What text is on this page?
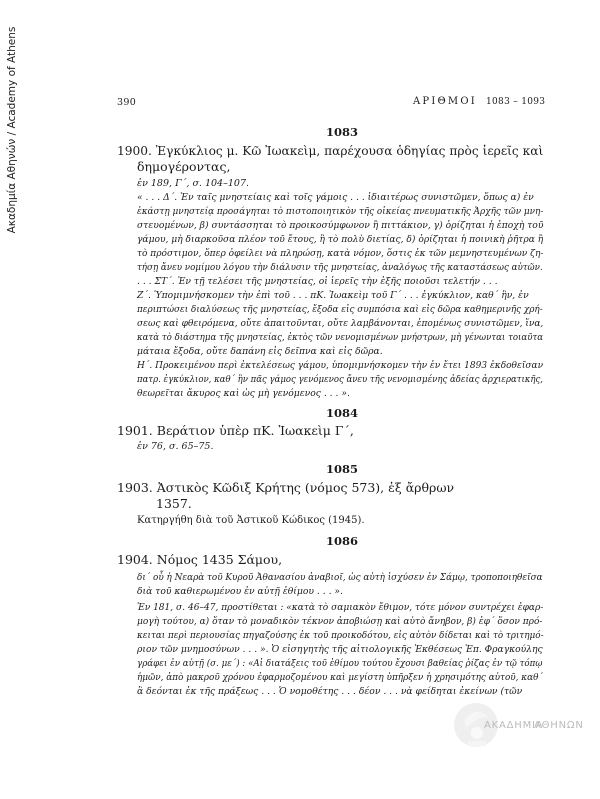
Ακαδημία Αθηνών / Academy of Athens	390	ΑΡΙΘΜΟΙ 1083 – 1093
1083
1900. Ἐγκύκλιος μ. Κῶ Ἰωακεὶμ, παρέχουσα ὁδηγίας πρὸς ἱερεῖς καὶ
δημογέροντας,
ἐν 189, Γ΄, σ. 104–107.
« . . . Δ΄. Ἐν ταῖς μνηστείαις καὶ τοῖς γάμοις . . . ἰδιαιτέρως συνιστῶμεν, ὅπως α) ἐν
ἑκάστῃ μνηστείᾳ προσάγηται τὸ πιστοποιητικὸν τῆς οἰκείας πνευματικῆς Ἀρχῆς τῶν μνη-
στευομένων, β) συντάσσηται τὸ προικοσύμφωνον ἢ πιττάκιον, γ) ὁρίζηται ἡ ἐποχὴ τοῦ
γάμου, μὴ διαρκοῦσα πλέον τοῦ ἔτους, ἢ τὸ πολὺ διετίας, δ) ὁρίζηται ἡ ποινικὴ ῥῆτρα ἢ
τὸ πρόστιμον, ὅπερ ὀφείλει νὰ πληρώσῃ, κατὰ νόμον, ὅστις ἐκ τῶν μεμνηστευμένων ζη-
τήσῃ ἄνευ νομίμου λόγου τὴν διάλυσιν τῆς μνηστείας, ἀναλόγως τῆς καταστάσεως αὐτῶν.
. . . ΣΤ΄. Ἐν τῇ τελέσει τῆς μνηστείας, οἱ ἱερεῖς τὴν ἑξῆς ποιοῦσι τελετήν . . .
Ζ΄. Ὑπομιμνήσκομεν τὴν ἐπὶ τοῦ . . . πΚ. Ἰωακεὶμ τοῦ Γ΄ . . . ἐγκύκλιον, καθ΄ ἣν, ἐν
περιπτώσει διαλύσεως τῆς μνηστείας, ἔξοδα εἰς συμπόσια καὶ εἰς δῶρα καθημερινῆς χρή-
σεως καὶ φθειρόμενα, οὔτε ἀπαιτοῦνται, οὔτε λαμβάνονται, ἐπομένως συνιστῶμεν, ἵνα,
κατὰ τὸ διάστημα τῆς μνηστείας, ἐκτὸς τῶν νενομισμένων μνήστρων, μὴ γένωνται τοιαῦτα
μάταια ἔξοδα, οὔτε δαπάνη εἰς δεῖπνα καὶ εἰς δῶρα.
Η΄. Προκειμένου περὶ ἐκτελέσεως γάμου, ὑπομιμνήσκομεν τὴν ἐν ἔτει 1893 ἐκδοθεῖσαν
πατρ. ἐγκύκλιον, καθ΄ ἣν πᾶς γάμος γενόμενος ἄνευ τῆς νενομισμένης ἀδείας ἀρχιερατικῆς,
θεωρεῖται ἄκυρος καὶ ὡς μὴ γενόμενος . . . ».
1084
1901. Βεράτιον ὑπὲρ πΚ. Ἰωακεὶμ Γ΄,
ἐν 76, σ. 65–75.
1085
1903. Ἀστικὸς Κῶδιξ Κρήτης (νόμος 573), ἐξ ἄρθρων
1357.
Κατηργήθη διὰ τοῦ Ἀστικοῦ Κώδικος (1945).
1086
1904. Νόμος 1435 Σάμου,
δι΄ οὗ ἡ Νεαρὰ τοῦ Κυροῦ Ἀθανασίου ἀναβιοῖ, ὡς αὐτὴ ἰσχύσεν ἐν Σάμῳ, τροποποιηθεῖσα
διὰ τοῦ καθιερωμένου ἐν αὐτῇ ἐθίμου . . . ».
Ἐν 181, σ. 46–47, προστίθεται : «κατὰ τὸ σαμιακὸν ἔθιμον, τότε μόνον συντρέχει ἐφαρ-
μογὴ τούτου, α) ὅταν τὸ μοναδικὸν τέκνον ἀποβιώσῃ καὶ αὐτὸ ἄνηβον, β) ἐφ΄ ὅσον πρό-
κειται περὶ περιουσίας πηγαζούσης ἐκ τοῦ προικοδότου, εἰς αὐτὸν δίδεται καὶ τὸ τριτημό-
ριον τῶν μνημοσύνων . . . ». Ὁ εἰσηγητὴς τῆς αἰτιολογικῆς Ἐκθέσεως Ἐπ. Φραγκούλης
γράφει ἐν αὐτῇ (σ. με΄) : «Αἱ διατάξεις τοῦ ἐθίμου τούτου ἔχουσι βαθείας ῥίζας ἐν τῷ τόπῳ
ἡμῶν, ἀπὸ μακροῦ χρόνου ἐφαρμοζομένου καὶ μεγίστη ὑπῆρξεν ἡ χρησιμότης αὐτοῦ, καθ΄
ἃ δεόνται ἐκ τῆς πράξεως . . . Ὁ νομοθέτης . . . δέον . . . νὰ φείδηται ἐκείνων (τῶν
ΑΚΑΔΗΜΙΑ
ΑΘΗΝΩΝ
